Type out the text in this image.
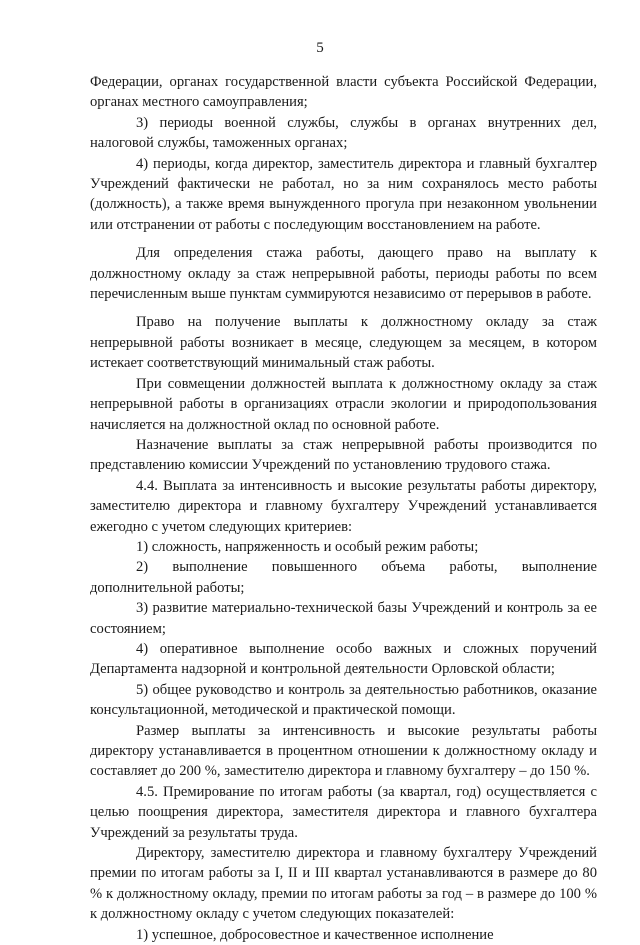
5

Федерации, органах государственной власти субъекта Российской Федерации, органах местного самоуправления;

3) периоды военной службы, службы в органах внутренних дел, налоговой службы, таможенных органах;

4) периоды, когда директор, заместитель директора и главный бухгалтер Учреждений фактически не работал, но за ним сохранялось место работы (должность), а также время вынужденного прогула при незаконном увольнении или отстранении от работы с последующим восстановлением на работе.

Для определения стажа работы, дающего право на выплату к должностному окладу за стаж непрерывной работы, периоды работы по всем перечисленным выше пунктам суммируются независимо от перерывов в работе.

Право на получение выплаты к должностному окладу за стаж непрерывной работы возникает в месяце, следующем за месяцем, в котором истекает соответствующий минимальный стаж работы.

При совмещении должностей выплата к должностному окладу за стаж непрерывной работы в организациях отрасли экологии и природопользования начисляется на должностной оклад по основной работе.

Назначение выплаты за стаж непрерывной работы производится по представлению комиссии Учреждений по установлению трудового стажа.

4.4. Выплата за интенсивность и высокие результаты работы директору, заместителю директора и главному бухгалтеру Учреждений устанавливается ежегодно с учетом следующих критериев:

1) сложность, напряженность и особый режим работы;

2) выполнение повышенного объема работы, выполнение дополнительной работы;

3) развитие материально-технической базы Учреждений и контроль за ее состоянием;

4) оперативное выполнение особо важных и сложных поручений Департамента надзорной и контрольной деятельности Орловской области;

5) общее руководство и контроль за деятельностью работников, оказание консультационной, методической и практической помощи.

Размер выплаты за интенсивность и высокие результаты работы директору устанавливается в процентном отношении к должностному окладу и составляет до 200 %, заместителю директора и главному бухгалтеру – до 150 %.

4.5. Премирование по итогам работы (за квартал, год) осуществляется с целью поощрения директора, заместителя директора и главного бухгалтера Учреждений за результаты труда.

Директору, заместителю директора и главному бухгалтеру Учреждений премии по итогам работы за I, II и III квартал устанавливаются в размере до 80 % к должностному окладу, премии по итогам работы за год – в размере до 100 % к должностному окладу с учетом следующих показателей:

1) успешное, добросовестное и качественное исполнение
